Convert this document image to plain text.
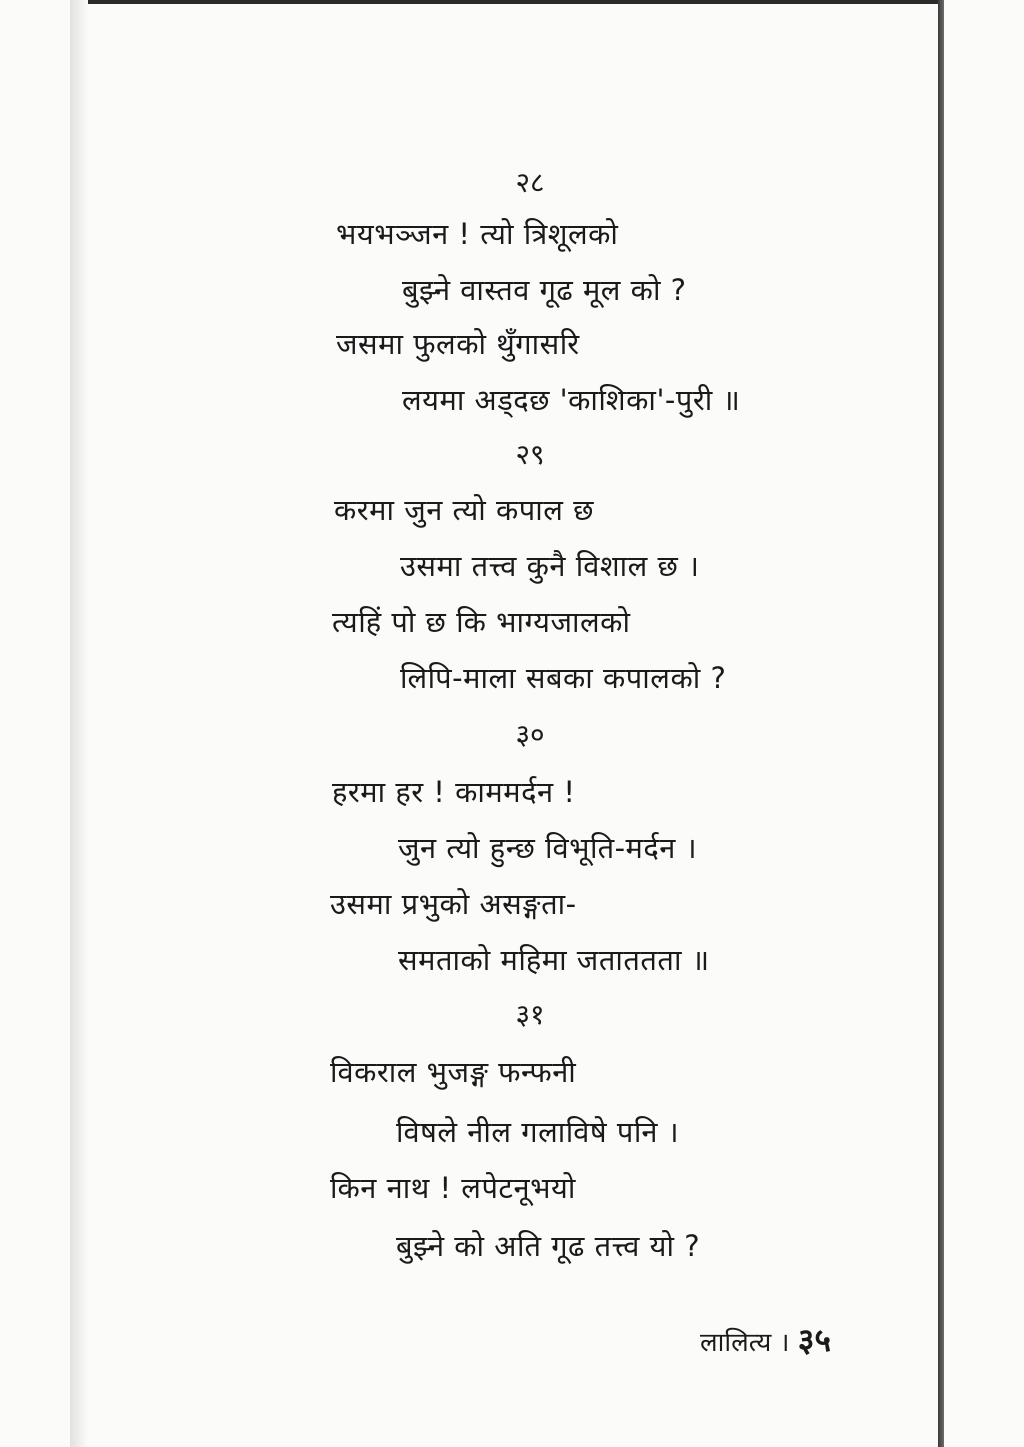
२८
भयभञ्जन ! त्यो त्रिशूलको
बुझ्ने वास्तव गूढ मूल को ?
जसमा फुलको थुँगासरि
लयमा अड्दछ 'काशिका'-पुरी ॥
२९
करमा जुन त्यो कपाल छ
उसमा तत्त्व कुनै विशाल छ ।
त्यहिं पो छ कि भाग्यजालको
लिपि-माला सबका कपालको ?
३०
हरमा हर ! काममर्दन !
जुन त्यो हुन्छ विभूति-मर्दन ।
उसमा प्रभुको असङ्गता-
समताको महिमा जताततता ॥
३१
विकराल भुजङ्ग फन्फनी
विषले नील गलाविषे पनि ।
किन नाथ ! लपेटनूभयो
बुझ्ने को अति गूढ तत्त्व यो ?
लालित्य । ३५
